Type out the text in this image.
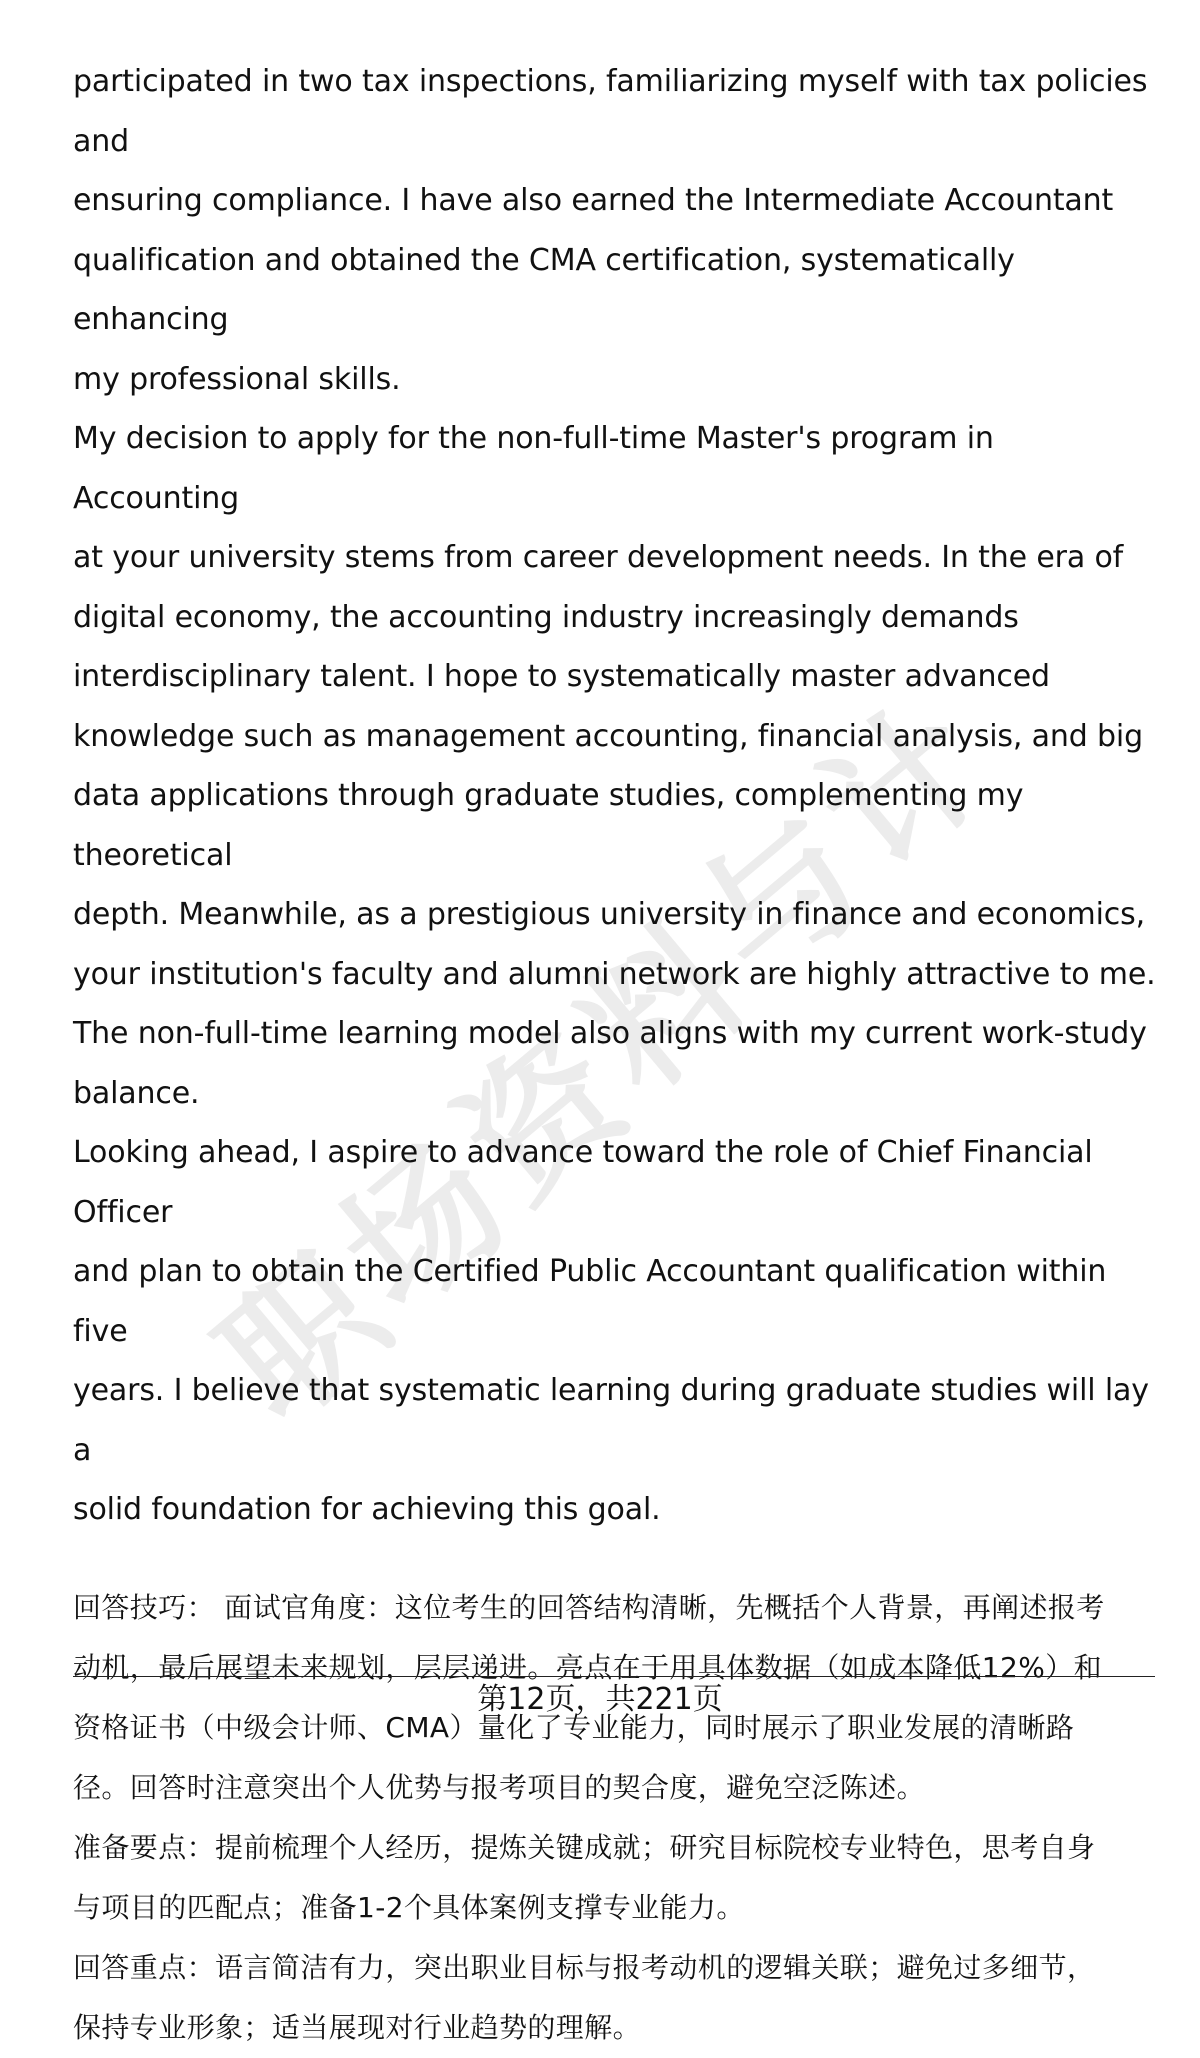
职
场
资
料
与
计

participated in two tax inspections, familiarizing myself with tax policies and

ensuring compliance. I have also earned the Intermediate Accountant

qualification and obtained the CMA certification, systematically enhancing

my professional skills.

My decision to apply for the non-full-time Master's program in Accounting

at your university stems from career development needs. In the era of

digital economy, the accounting industry increasingly demands

interdisciplinary talent. I hope to systematically master advanced

knowledge such as management accounting, financial analysis, and big

data applications through graduate studies, complementing my theoretical

depth. Meanwhile, as a prestigious university in finance and economics,

your institution's faculty and alumni network are highly attractive to me.

The non-full-time learning model also aligns with my current work-study

balance.

Looking ahead, I aspire to advance toward the role of Chief Financial Officer

and plan to obtain the Certified Public Accountant qualification within five

years. I believe that systematic learning during graduate studies will lay a

solid foundation for achieving this goal.

回答技巧： 面试官角度：这位考生的回答结构清晰，先概括个人背景，再阐述报考

动机，最后展望未来规划，层层递进。亮点在于用具体数据（如成本降低12%）和

资格证书（中级会计师、CMA）量化了专业能力，同时展示了职业发展的清晰路

径。回答时注意突出个人优势与报考项目的契合度，避免空泛陈述。

准备要点：提前梳理个人经历，提炼关键成就；研究目标院校专业特色，思考自身

与项目的匹配点；准备1-2个具体案例支撑专业能力。

回答重点：语言简洁有力，突出职业目标与报考动机的逻辑关联；避免过多细节，

保持专业形象；适当展现对行业趋势的理解。

第12页，共221页
